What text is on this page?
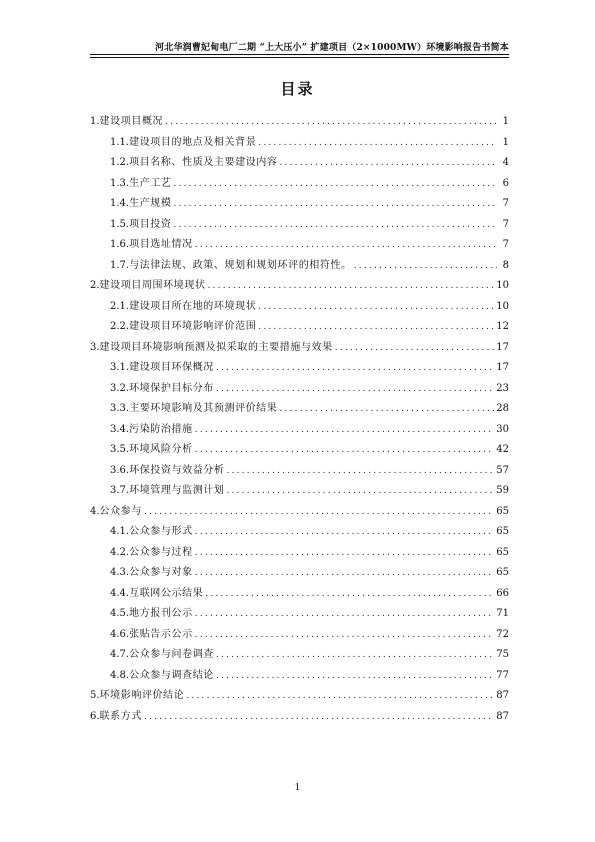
河北华润曹妃甸电厂二期 “上大压小” 扩建项目（2×1000MW）环境影响报告书简本
目录
1. 建设项目概况 .....	1
1.1. 建设项目的地点及相关背景 .....	1
1.2. 项目名称、性质及主要建设内容 .....	4
1.3. 生产工艺 .....	6
1.4. 生产规模 .....	7
1.5. 项目投资 .....	7
1.6. 项目选址情况 .....	7
1.7. 与法律法规、政策、规划和规划环评的相符性。 .....	8
2. 建设项目周围环境现状 .....	10
2.1. 建设项目所在地的环境现状 .....	10
2.2. 建设项目环境影响评价范围 .....	12
3. 建设项目环境影响预测及拟采取的主要措施与效果 .....	17
3.1. 建设项目环保概况 .....	17
3.2. 环境保护目标分布 .....	23
3.3. 主要环境影响及其预测评价结果 .....	28
3.4. 污染防治措施 .....	30
3.5. 环境风险分析 .....	42
3.6. 环保投资与效益分析 .....	57
3.7. 环境管理与监测计划 .....	59
4. 公众参与 .....	65
4.1. 公众参与形式 .....	65
4.2. 公众参与过程 .....	65
4.3. 公众参与对象 .....	65
4.4. 互联网公示结果 .....	66
4.5. 地方报刊公示 .....	71
4.6. 张贴告示公示 .....	72
4.7. 公众参与问卷调查 .....	75
4.8. 公众参与调查结论 .....	77
5. 环境影响评价结论 .....	87
6. 联系方式 .....	87
1
